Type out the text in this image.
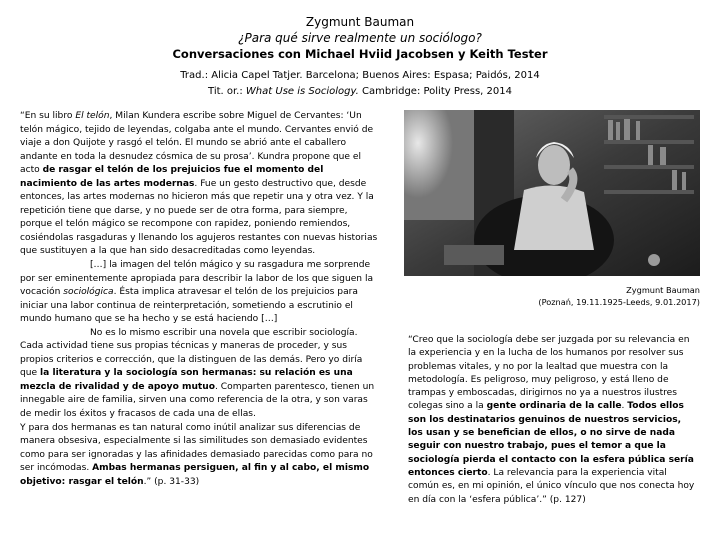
Zygmunt Bauman
¿Para qué sirve realmente un sociólogo?
Conversaciones con Michael Hviid Jacobsen y Keith Tester
Trad.: Alicia Capel Tatjer. Barcelona; Buenos Aires: Espasa; Paidós, 2014
Tit. or.: What Use is Sociology. Cambridge: Polity Press, 2014

“En su libro El telón, Milan Kundera escribe sobre Miguel de Cervantes: ‘Un telón mágico, tejido de leyendas, colgaba ante el mundo. Cervantes envió de viaje a don Quijote y rasgó el telón. El mundo se abrió ante el caballero andante en toda la desnudez cósmica de su prosa’. Kundra propone que el acto de rasgar el telón de los prejuicios fue el momento del nacimiento de las artes modernas. Fue un gesto destructivo que, desde entonces, las artes modernas no hicieron más que repetir una y otra vez. Y la repetición tiene que darse, y no puede ser de otra forma, para siempre, porque el telón mágico se recompone con rapidez, poniendo remiendos, cosiéndolas rasgaduras y llenando los agujeros restantes con nuevas historias que sustituyen a la que han sido desacreditadas como leyendas.

[…] la imagen del telón mágico y su rasgadura me sorprende por ser eminentemente apropiada para describir la labor de los que siguen la vocación sociológica. Ésta implica atravesar el telón de los prejuicios para iniciar una labor continua de reinterpretación, sometiendo a escrutinio el mundo humano que se ha hecho y se está haciendo […]

No es lo mismo escribir una novela que escribir sociología. Cada actividad tiene sus propias técnicas y maneras de proceder, y sus propios criterios e corrección, que la distinguen de las demás. Pero yo diría que la literatura y la sociología son hermanas: su relación es una mezcla de rivalidad y de apoyo mutuo. Comparten parentesco, tienen un innegable aire de familia, sirven una como referencia de la otra, y son varas de medir los éxitos y fracasos de cada una de ellas.

Y para dos hermanas es tan natural como inútil analizar sus diferencias de manera obsesiva, especialmente si las similitudes son demasiado evidentes como para ser ignoradas y las afinidades demasiado parecidas como para no ser incómodas. Ambas hermanas persiguen, al fin y al cabo, el mismo objetivo: rasgar el telón.” (p. 31-33)

Zygmunt Bauman
(Poznań, 19.11.1925-Leeds, 9.01.2017)

“Creo que la sociología debe ser juzgada por su relevancia en la experiencia y en la lucha de los humanos por resolver sus problemas vitales, y no por la lealtad que muestra con la metodología. Es peligroso, muy peligroso, y está lleno de trampas y emboscadas, dirigirnos no ya a nuestros ilustres colegas sino a la gente ordinaria de la calle. Todos ellos son los destinatarios genuinos de nuestros servicios, los usan y se benefician de ellos, o no sirve de nada seguir con nuestro trabajo, pues el temor a que la sociología pierda el contacto con la esfera pública sería entonces cierto. La relevancia para la experiencia vital común es, en mi opinión, el único vínculo que nos conecta hoy en día con la ‘esfera pública’.” (p. 127)
